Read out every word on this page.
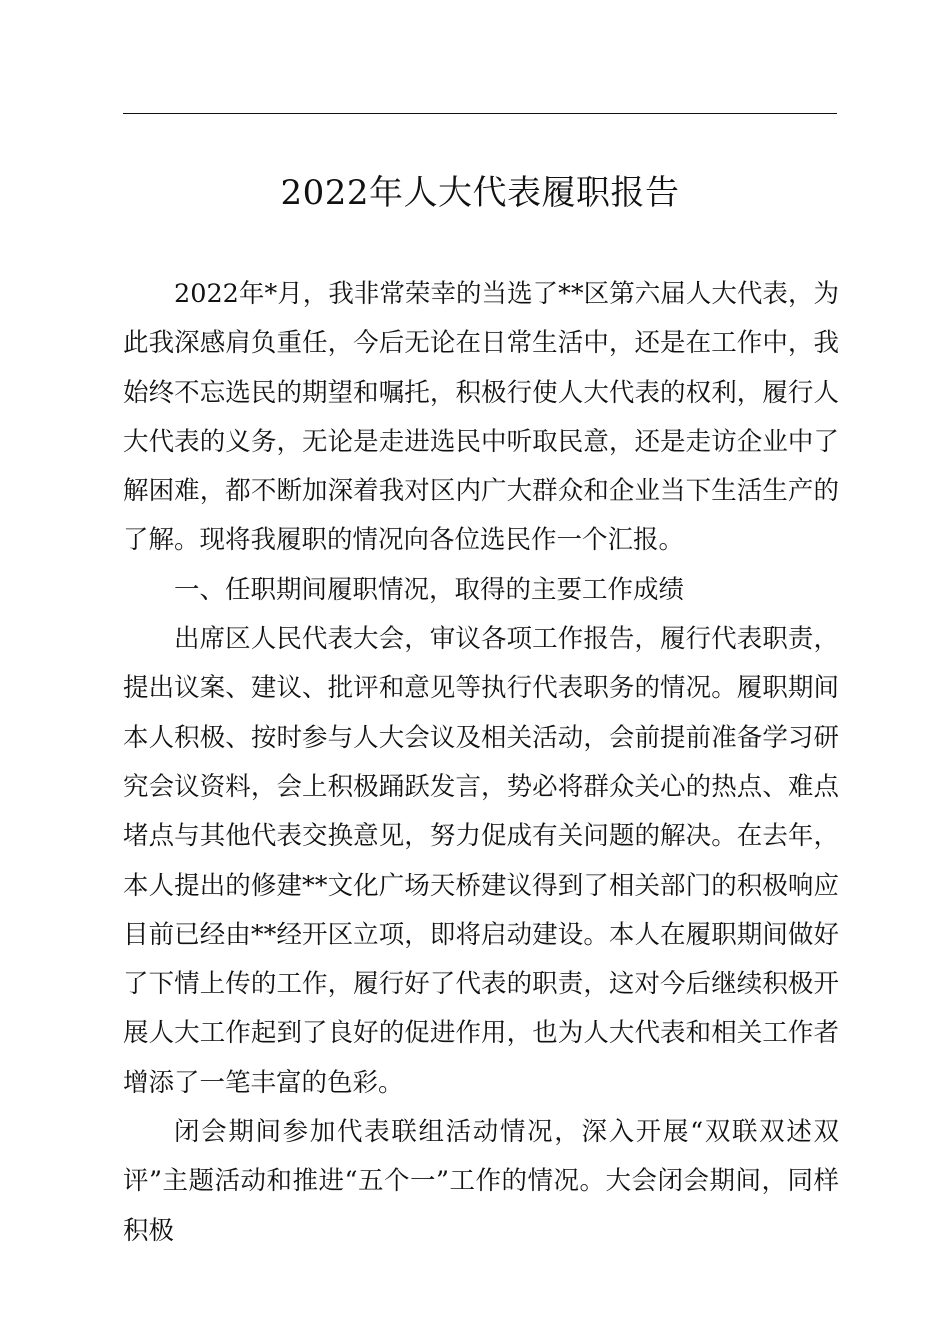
2022年人大代表履职报告

2022年*月，我非常荣幸的当选了**区第六届人大代表，为此我深感肩负重任，今后无论在日常生活中，还是在工作中，我始终不忘选民的期望和嘱托，积极行使人大代表的权利，履行人大代表的义务，无论是走进选民中听取民意，还是走访企业中了解困难，都不断加深着我对区内广大群众和企业当下生活生产的了解。现将我履职的情况向各位选民作一个汇报。

一、任职期间履职情况，取得的主要工作成绩

出席区人民代表大会，审议各项工作报告，履行代表职责，提出议案、建议、批评和意见等执行代表职务的情况。履职期间本人积极、按时参与人大会议及相关活动，会前提前准备学习研究会议资料，会上积极踊跃发言，势必将群众关心的热点、难点堵点与其他代表交换意见，努力促成有关问题的解决。在去年，本人提出的修建**文化广场天桥建议得到了相关部门的积极响应目前已经由**经开区立项，即将启动建设。本人在履职期间做好了下情上传的工作，履行好了代表的职责，这对今后继续积极开展人大工作起到了良好的促进作用，也为人大代表和相关工作者增添了一笔丰富的色彩。

闭会期间参加代表联组活动情况，深入开展“双联双述双评”主题活动和推进“五个一”工作的情况。大会闭会期间，同样积极
